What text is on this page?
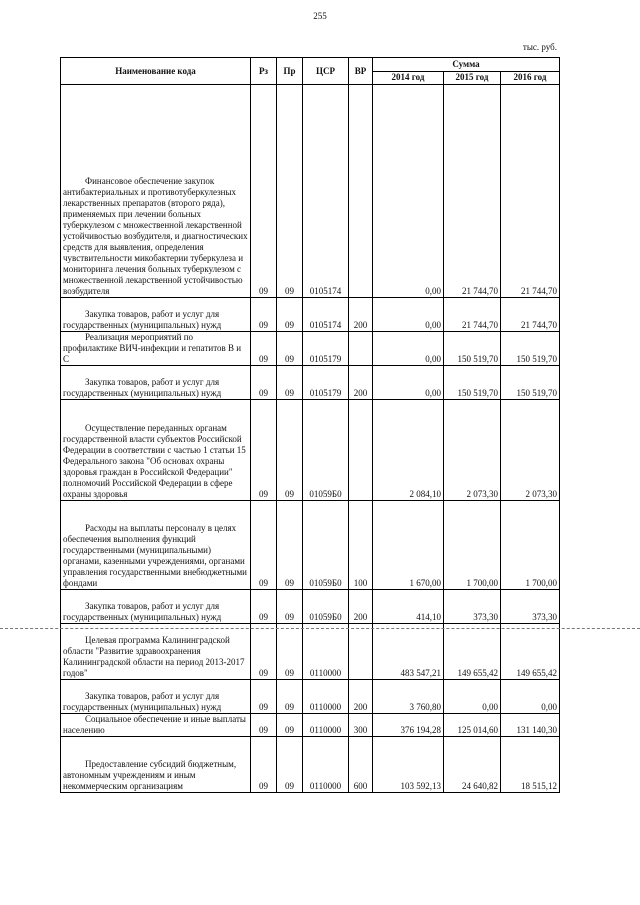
255
тыс. руб.
Наименование кода	Рз	Пр	ЦСР	ВР	Сумма		
					2014 год	2015 год	2016 год
Финансовое обеспечение закупок антибактериальных и противотуберкулезных лекарственных препаратов (второго ряда), применяемых при лечении больных туберкулезом с множественной лекарственной устойчивостью возбудителя, и диагностических средств для выявления, определения чувствительности микобактерии туберкулеза и мониторинга лечения больных туберкулезом с множественной лекарственной устойчивостью возбудителя	09	09	0105174		0,00	21 744,70	21 744,70
Закупка товаров, работ и услуг для государственных (муниципальных) нужд	09	09	0105174	200	0,00	21 744,70	21 744,70
Реализация мероприятий по профилактике ВИЧ-инфекции и гепатитов В и С	09	09	0105179		0,00	150 519,70	150 519,70
Закупка товаров, работ и услуг для государственных (муниципальных) нужд	09	09	0105179	200	0,00	150 519,70	150 519,70
Осуществление переданных органам государственной власти субъектов Российской Федерации в соответствии с частью 1 статьи 15 Федерального закона "Об основах охраны здоровья граждан в Российской Федерации" полномочий Российской Федерации в сфере охраны здоровья	09	09	01059Б0		2 084,10	2 073,30	2 073,30
Расходы на выплаты персоналу в целях обеспечения выполнения функций государственными (муниципальными) органами, казенными учреждениями, органами управления государственными внебюджетными фондами	09	09	01059Б0	100	1 670,00	1 700,00	1 700,00
Закупка товаров, работ и услуг для государственных (муниципальных) нужд	09	09	01059Б0	200	414,10	373,30	373,30
Целевая программа Калининградской области "Развитие здравоохранения Калининградской области на период 2013-2017 годов"	09	09	0110000		483 547,21	149 655,42	149 655,42
Закупка товаров, работ и услуг для государственных (муниципальных) нужд	09	09	0110000	200	3 760,80	0,00	0,00
Социальное обеспечение и иные выплаты населению	09	09	0110000	300	376 194,28	125 014,60	131 140,30
Предоставление субсидий бюджетным, автономным учреждениям и иным некоммерческим организациям	09	09	0110000	600	103 592,13	24 640,82	18 515,12
